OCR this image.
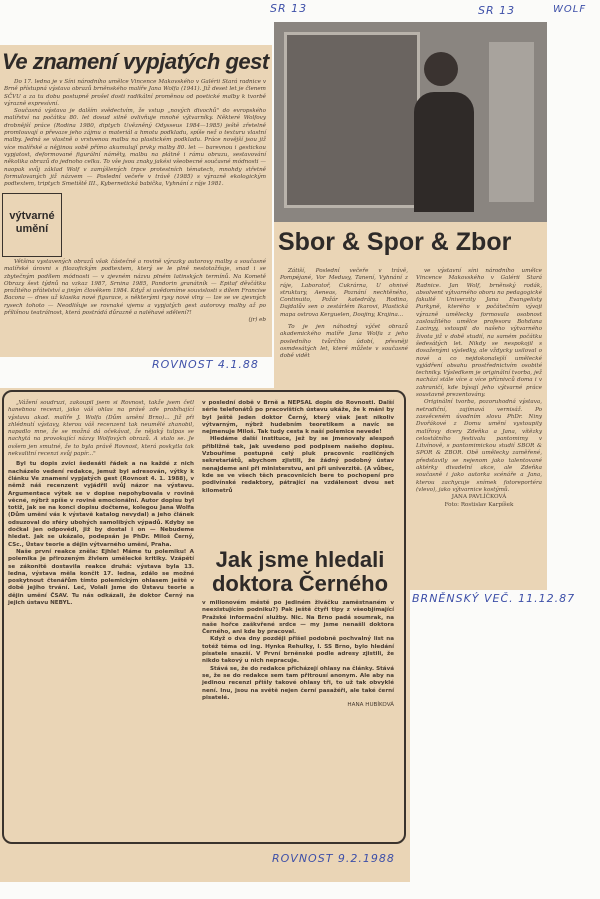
SR 13	SR 13	WOLF
Ve znamení vypjatých gest

Do 17. ledna je v Síni národního umělce Vincence Makovského v Galérii Stará radnice v Brně přístupná výstava obrazů brněnského malíře Jana Wolfa (1941). Již deset let je členem SČVU a za tu dobu postupně prošel dosti radikální proměnou od poetické malby k tvorbě výrazně expresívní.

Současná výstava je dalším svědectvím, že vstup „nových divochů" do evropského malířství na počátku 80. let dosud silně ovlivňuje mnohé výtvarníky. Některé Wolfovy drobnější práce (Rodina 1980, diptych Uvězněný Odysseus 1984—1985) ještě zřetelně promlouvají o převaze jeho zájmu o materiál a hmotu podkladu, spíše než o texturu vlastní malby. Jedná se vlastně o vrstvenou malbu na plastickém podkladu. Práce novější jsou již více malířské a nějjinou sobě přímo akumulují prvky malby 80. let — barevnou i gestickou vypjatost, deformované figurální náměty, malbu na plátně i rámu obrazu, sestavování několika obrazů do jednoho celku. To vše jsou znaky jakési všeobecné současné módnosti — naopak svůj základ Wolf v zamýšlených trpce protestních tématech, mnohdy střetně formulovaných již názvem — Poslední večeře v trávě (1985) s výrazně ekologickým podtextem, triptych Smetiště III., Kybernetická babička, Vyhnání z ráje 1981.

výtvarné umění

Většina vystavených obrazů však částečně a rovině výrazky autorovy malby a současné malířské úrovni s filozofickým podtextem, který se le plně nestotožňuje, snad i se zbytečným podílem módnosti — v zjevném názvu plném latinských termínů. Na Kometě Obrazy šest týdnů na vzkaz 1987, Srnina 1985, Pandorin granátník — Epitaf děvčátku prožitého přátelství a jiným člověkem 1984. Když si uvědomíme souvislosti s dílem Francise Bacona — dnes už klasika nové figurace, s některými rysy nové vlny — lze se ve zjevných rysech tohoto — Neodlišuje se rovnaké vjemu a vypjatých gest autorovy malby až po přílišnou teatrálnost, která postrádá důrazně a naléhavé sdělení?!

(jr) eb
ROVNOST 4.1.88
Sbor & Spor & Zbor

Zátiší, Poslední večeře v trávě, Pompéjané, Vor Medusy, Tanení, Vyhnání z ráje, Laboratoř, Cukrárna, U ohnivé struktury, Aeneas, Poznání nechtěného, Continuito, Požár katedrály, Rodina, Dajdalův sen o zestárlém Ikarovi, Plastická mapa ostrova Kerguelen, Doojiny, Krajina...

To je jen náhodný výčet obrazů akademického malíře Jana Wolfa z jeho posledního tvůrčího údobí, přesněji osmdesátých let, které můžete v současné době vidět

ve výstavní síni národního umělce Vincence Makovského v Galérii Stará Radnice. Jan Wolf, brněnský rodák, absolvent výtvarného oboru na pedagogické fakultě Univerzity Jana Evangelisty Purkyně, kterého v počátečním vývoji výrazně umělecky formovala osobnost zasloužilého umělce profesora Bohdana Lacinyy, vstoupil do našeho výtvarného života již v době studií, na samém počátku šedesátých let. Nikdy se nespokojil s dosaženými výsledky, ale vždycky usiloval o nové a co nejdokonalejší umělecké vyjádření obsahu prostřednictvím osobité techniky. Výsledkem je originální tvorba, jež nachází stále více a více příznivců doma i v zahraničí, kde bývají jeho výtvarné práce soustavně prezentovány.

Originální tvorba, pozoruhodná výstava, netradiční, zajímavá vernisáž. Po zasvěceném úvodním slovu PhDr. Niny Dvořákové z Domu umění vystoupily malířovy dcery Zdeňka a Jana, vítězky celostátního festivalu pantomimy v Litvínově, s pantomimickou studií SBOR & SPOR & ZBOR. Obě umělecky zaměřené, představily se nejenom jako talentované aktérky divadelní akce, ale Zdeňka současně i jako autorka scénáře a Jana, kterou zachycuje snímek fotoreportéra (vlevo), jako výtvarnice kostýmů.

JANA PAVLÍČKOVÁ
Foto: Rostislav Karpíšek
BRNĚNSKÝ VEČ. 11.12.87

„Vážení soudruzi, zakoupil jsem si Rovnost, takže jsem četl hanebnou recenzi, jako váš ohlas na právě zde probíhající výstavu akad. malíře J. Wolfa (Dům umění Brno)... Již při zhlédnutí výstavy, kterou váš recenzent tak neumělé zhanobil, napadlo mne, že se možná dá očekávat, že nějaký tulpas se nachytá na provokující názvy Wolfových obrazů. A stalo se. Je ovšem jen smutné, že to byla právě Rovnost, která poskytla tak nekvalitní recenzi svůj papír..."

Byl tu dopis zvíci šedesáti řádek a na každé z nich nacházelo vedení redakce, jemuž byl adresován, výtky k článku Ve znamení vypjatých gest (Rovnost 4. 1. 1988), v němž náš recenzent vyjádřil svůj názor na výstavu. Argumentace výtek se v dopise nepohybovala v rovině věcné, nýbrž spíše v rovině emocionální. Autor dopisu byl totiž, jak se na konci dopisu dočteme, kolegou Jana Wolfa (Dům umění vás k výstavě katalog nevydal) a jeho článek odsuzoval do sféry ubohých samolibých výpadů. Kdyby se dočkal jen odpovědi, již by dostal i on — Nebudeme hledat. Jak se ukázalo, podepsán je PhDr. Miloš Černý, CSc., Ústav teorie a dějin výtvarného umění, Praha.

Naše první reakce zněla: Ejhle! Máme tu polemiku! A polemika je přirozeným živlem umělecké kritiky. Vzápětí se zákonitě dostavila reakce druhá: výstava byla 13. ledna, výstava měla končit 17. ledna, zdálo se možné poskytnout čtenářům tímto polemickým ohlasem ještě v době jejího trvání. Leč, Volali jsme do Ústavu teorie a dějin umění ČSAV. Tu nás odkázali, že doktor Černý na jejich ústavu NEBYL.

v poslední době v Brně a NEPSAL dopis do Rovnosti. Další série telefonátů po pracovištích ústavu ukáže, že k máni by byl ještě jeden doktor Černý, který však jest nikoliv výtvarným, nýbrž hudebním teoretikem a navíc se nejmenuje Miloš. Tak tudy cesta k naší polemice nevede!

Hledáme další instituce, jež by se jmenovaly alespoň přibližně tak, jak uvedeno pod podpisem našeho dopisu. Vzbouříme postupně celý pluk pracovnic rozličných sekretariátů, abychom zjistili, že žádný podobný ústav nenajdeme ani při ministerstvu, ani při univerzitě. (A vůbec, kde se ve všech těch pracovnicích bere to pochopení pro podivínské redaktory, pátrající na vzdálenost dvou set kilometrů

Jak jsme hledali doktora Černého

v milionovém městě po jediném živáčku zaměstnaném v neexistujícím podniku?) Pak ještě čtyři tipy z všeobjímající Pražské informační služby. Nic. Na Brno padá soumrak, na naše hořce zaškvřené srdce — my jsme nenašli doktora Černého, ani kde by pracoval.

Když o dva dny později přišel podobně pochvalný list na totéž téma od ing. Hynka Rehulky, I. SS Brno, bylo hledání písatele snazší. V První brněnské podle adresy zjistili, že nikdo takový u nich nepracuje.

Stává se, že do redakce přicházejí ohlasy na články. Stává se, že se do redakce sem tam přitrousí anonym. Ale aby na jedinou recenzi přišly takové ohlasy tři, to už tak obvyklé není. Inu, jsou na světě nejen černí pasažéři, ale také černí pisatelé.

HANA HUBÍKOVÁ
ROVNOST 9.2.1988
